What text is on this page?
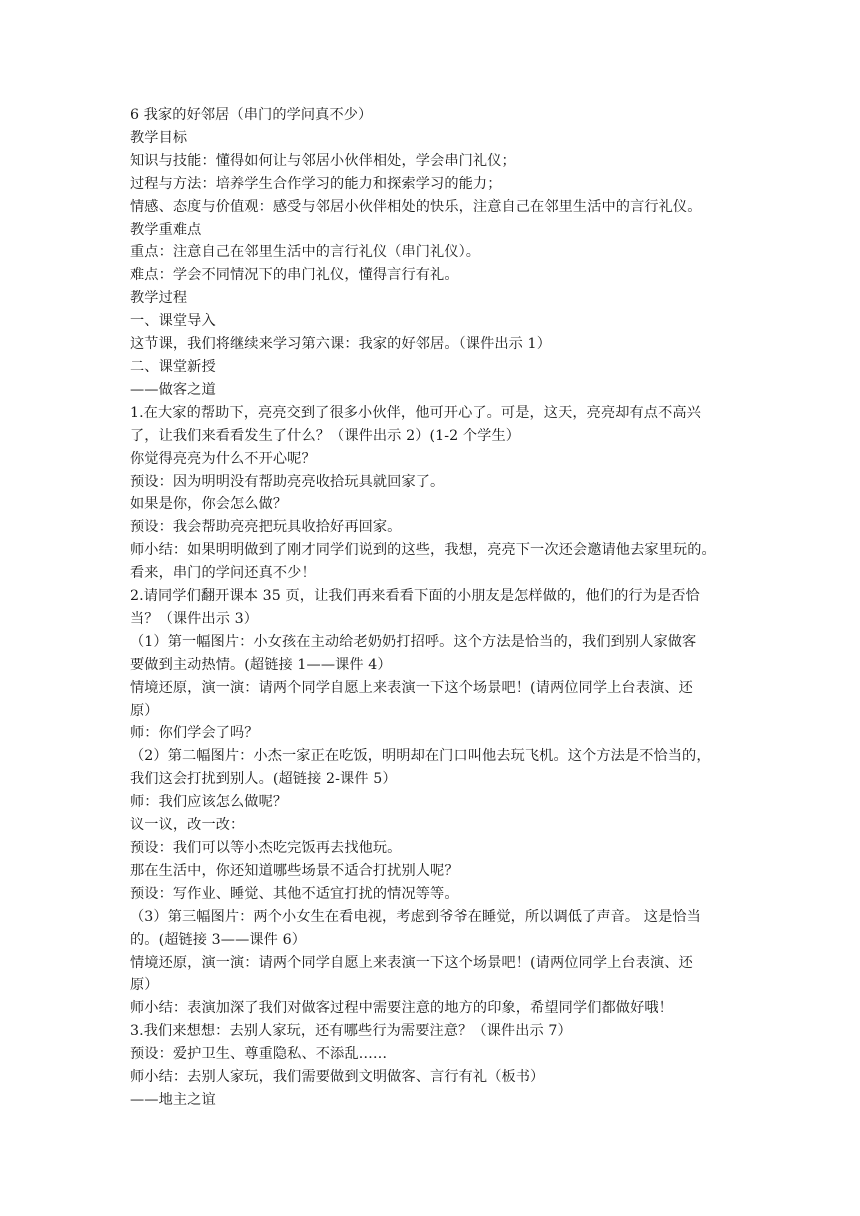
6 我家的好邻居（串门的学问真不少）
教学目标
知识与技能：懂得如何让与邻居小伙伴相处，学会串门礼仪；
过程与方法：培养学生合作学习的能力和探索学习的能力；
情感、态度与价值观：感受与邻居小伙伴相处的快乐，注意自己在邻里生活中的言行礼仪。
教学重难点
重点：注意自己在邻里生活中的言行礼仪（串门礼仪）。
难点：学会不同情况下的串门礼仪，懂得言行有礼。
教学过程
一、课堂导入
这节课，我们将继续来学习第六课：我家的好邻居。（课件出示 1）
二、课堂新授
——做客之道
1.在大家的帮助下，亮亮交到了很多小伙伴，他可开心了。可是，这天，亮亮却有点不高兴
了，让我们来看看发生了什么？（课件出示 2）(1-2 个学生）
你觉得亮亮为什么不开心呢？
预设：因为明明没有帮助亮亮收拾玩具就回家了。
如果是你，你会怎么做？
预设：我会帮助亮亮把玩具收拾好再回家。
师小结：如果明明做到了刚才同学们说到的这些，我想，亮亮下一次还会邀请他去家里玩的。
看来，串门的学问还真不少！
2.请同学们翻开课本 35 页，让我们再来看看下面的小朋友是怎样做的，他们的行为是否恰
当？（课件出示 3）
（1）第一幅图片：小女孩在主动给老奶奶打招呼。这个方法是恰当的，我们到别人家做客
要做到主动热情。(超链接 1——课件 4）
情境还原，演一演：请两个同学自愿上来表演一下这个场景吧！(请两位同学上台表演、还
原）
师：你们学会了吗？
（2）第二幅图片：小杰一家正在吃饭，明明却在门口叫他去玩飞机。这个方法是不恰当的，
我们这会打扰到别人。(超链接 2-课件 5）
师：我们应该怎么做呢？
议一议，改一改：
预设：我们可以等小杰吃完饭再去找他玩。
那在生活中，你还知道哪些场景不适合打扰别人呢？
预设：写作业、睡觉、其他不适宜打扰的情况等等。
（3）第三幅图片：两个小女生在看电视，考虑到爷爷在睡觉，所以调低了声音。 这是恰当
的。(超链接 3——课件 6）
情境还原，演一演：请两个同学自愿上来表演一下这个场景吧！(请两位同学上台表演、还
原）
师小结：表演加深了我们对做客过程中需要注意的地方的印象，希望同学们都做好哦！
3.我们来想想：去别人家玩，还有哪些行为需要注意？（课件出示 7）
预设：爱护卫生、尊重隐私、不添乱……
师小结：去别人家玩，我们需要做到文明做客、言行有礼（板书）
——地主之谊
